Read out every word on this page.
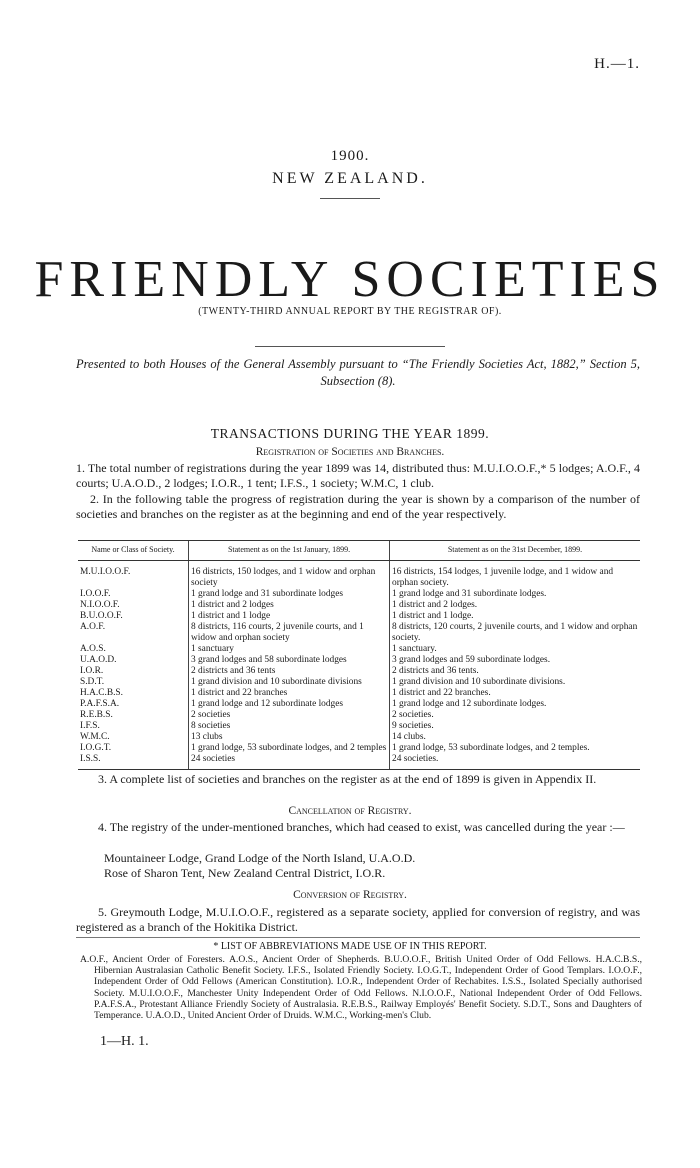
H.—1.
1900.
NEW ZEALAND.
FRIENDLY SOCIETIES
(TWENTY-THIRD ANNUAL REPORT BY THE REGISTRAR OF).
Presented to both Houses of the General Assembly pursuant to “The Friendly Societies Act, 1882,” Section 5, Subsection (8).
TRANSACTIONS DURING THE YEAR 1899.
Registration of Societies and Branches.
1. The total number of registrations during the year 1899 was 14, distributed thus: M.U.I.O.O.F.,* 5 lodges; A.O.F., 4 courts; U.A.O.D., 2 lodges; I.O.R., 1 tent; I.F.S., 1 society; W.M.C, 1 club.
2. In the following table the progress of registration during the year is shown by a comparison of the number of societies and branches on the register as at the beginning and end of the year respectively.
Name or Class of Society.	Statement as on the 1st January, 1899.	Statement as on the 31st December, 1899.
M.U.I.O.O.F.	16 districts, 150 lodges, and 1 widow and orphan society	16 districts, 154 lodges, 1 juvenile lodge, and 1 widow and orphan society.
I.O.O.F.	1 grand lodge and 31 subordinate lodges	1 grand lodge and 31 subordinate lodges.
N.I.O.O.F.	1 district and 2 lodges	1 district and 2 lodges.
B.U.O.O.F.	1 district and 1 lodge	1 district and 1 lodge.
A.O.F.	8 districts, 116 courts, 2 juvenile courts, and 1 widow and orphan society	8 districts, 120 courts, 2 juvenile courts, and 1 widow and orphan society.
A.O.S.	1 sanctuary	1 sanctuary.
U.A.O.D.	3 grand lodges and 58 subordinate lodges	3 grand lodges and 59 subordinate lodges.
I.O.R.	2 districts and 36 tents	2 districts and 36 tents.
S.D.T.	1 grand division and 10 subordinate divisions	1 grand division and 10 subordinate divisions.
H.A.C.B.S.	1 district and 22 branches	1 district and 22 branches.
P.A.F.S.A.	1 grand lodge and 12 subordinate lodges	1 grand lodge and 12 subordinate lodges.
R.E.B.S.	2 societies	2 societies.
I.F.S.	8 societies	9 societies.
W.M.C.	13 clubs	14 clubs.
I.O.G.T.	1 grand lodge, 53 subordinate lodges, and 2 temples	1 grand lodge, 53 subordinate lodges, and 2 temples.
I.S.S.	24 societies	24 societies.
3. A complete list of societies and branches on the register as at the end of 1899 is given in Appendix II.
Cancellation of Registry.
4. The registry of the under-mentioned branches, which had ceased to exist, was cancelled during the year :—
Mountaineer Lodge, Grand Lodge of the North Island, U.A.O.D.
Rose of Sharon Tent, New Zealand Central District, I.O.R.
Conversion of Registry.
5. Greymouth Lodge, M.U.I.O.O.F., registered as a separate society, applied for conversion of registry, and was registered as a branch of the Hokitika District.
* LIST OF ABBREVIATIONS MADE USE OF IN THIS REPORT.

A.O.F., Ancient Order of Foresters. A.O.S., Ancient Order of Shepherds. B.U.O.O.F., British United Order of Odd Fellows. H.A.C.B.S., Hibernian Australasian Catholic Benefit Society. I.F.S., Isolated Friendly Society. I.O.G.T., Independent Order of Good Templars. I.O.O.F., Independent Order of Odd Fellows (American Constitution). I.O.R., Independent Order of Rechabites. I.S.S., Isolated Specially authorised Society. M.U.I.O.O.F., Manchester Unity Independent Order of Odd Fellows. N.I.O.O.F., National Independent Order of Odd Fellows. P.A.F.S.A., Protestant Alliance Friendly Society of Australasia. R.E.B.S., Railway Employés' Benefit Society. S.D.T., Sons and Daughters of Temperance. U.A.O.D., United Ancient Order of Druids. W.M.C., Working-men's Club.

1—H. 1.
